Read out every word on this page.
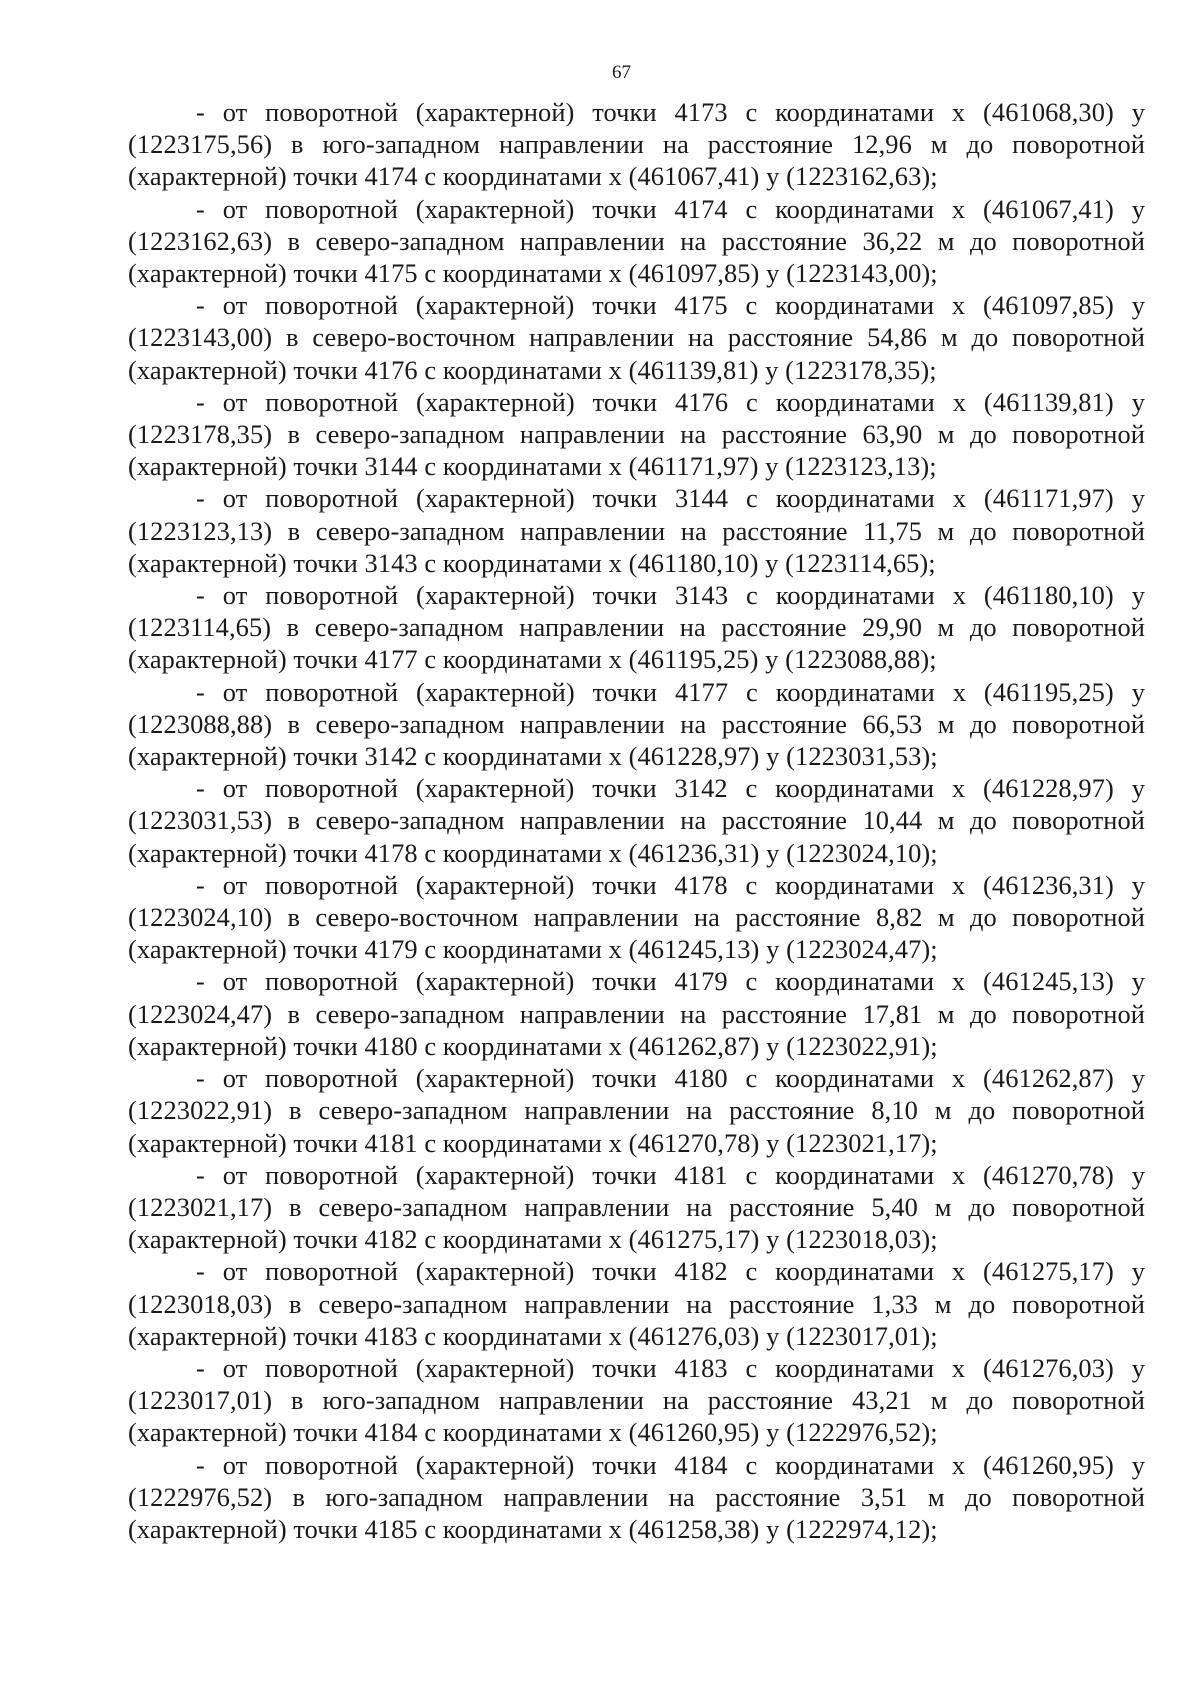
67

- от поворотной (характерной) точки 4173 с координатами x (461068,30) y (1223175,56) в юго-западном направлении на расстояние 12,96 м до поворотной (характерной) точки 4174 с координатами x (461067,41) y (1223162,63);

- от поворотной (характерной) точки 4174 с координатами x (461067,41) y (1223162,63) в северо-западном направлении на расстояние 36,22 м до поворотной (характерной) точки 4175 с координатами x (461097,85) y (1223143,00);

- от поворотной (характерной) точки 4175 с координатами x (461097,85) y (1223143,00) в северо-восточном направлении на расстояние 54,86 м до поворотной (характерной) точки 4176 с координатами x (461139,81) y (1223178,35);

- от поворотной (характерной) точки 4176 с координатами x (461139,81) y (1223178,35) в северо-западном направлении на расстояние 63,90 м до поворотной (характерной) точки 3144 с координатами x (461171,97) y (1223123,13);

- от поворотной (характерной) точки 3144 с координатами x (461171,97) y (1223123,13) в северо-западном направлении на расстояние 11,75 м до поворотной (характерной) точки 3143 с координатами x (461180,10) y (1223114,65);

- от поворотной (характерной) точки 3143 с координатами x (461180,10) y (1223114,65) в северо-западном направлении на расстояние 29,90 м до поворотной (характерной) точки 4177 с координатами x (461195,25) y (1223088,88);

- от поворотной (характерной) точки 4177 с координатами x (461195,25) y (1223088,88) в северо-западном направлении на расстояние 66,53 м до поворотной (характерной) точки 3142 с координатами x (461228,97) y (1223031,53);

- от поворотной (характерной) точки 3142 с координатами x (461228,97) y (1223031,53) в северо-западном направлении на расстояние 10,44 м до поворотной (характерной) точки 4178 с координатами x (461236,31) y (1223024,10);

- от поворотной (характерной) точки 4178 с координатами x (461236,31) y (1223024,10) в северо-восточном направлении на расстояние 8,82 м до поворотной (характерной) точки 4179 с координатами x (461245,13) y (1223024,47);

- от поворотной (характерной) точки 4179 с координатами x (461245,13) y (1223024,47) в северо-западном направлении на расстояние 17,81 м до поворотной (характерной) точки 4180 с координатами x (461262,87) y (1223022,91);

- от поворотной (характерной) точки 4180 с координатами x (461262,87) y (1223022,91) в северо-западном направлении на расстояние 8,10 м до поворотной (характерной) точки 4181 с координатами x (461270,78) y (1223021,17);

- от поворотной (характерной) точки 4181 с координатами x (461270,78) y (1223021,17) в северо-западном направлении на расстояние 5,40 м до поворотной (характерной) точки 4182 с координатами x (461275,17) y (1223018,03);

- от поворотной (характерной) точки 4182 с координатами x (461275,17) y (1223018,03) в северо-западном направлении на расстояние 1,33 м до поворотной (характерной) точки 4183 с координатами x (461276,03) y (1223017,01);

- от поворотной (характерной) точки 4183 с координатами x (461276,03) y (1223017,01) в юго-западном направлении на расстояние 43,21 м до поворотной (характерной) точки 4184 с координатами x (461260,95) y (1222976,52);

- от поворотной (характерной) точки 4184 с координатами x (461260,95) y (1222976,52) в юго-западном направлении на расстояние 3,51 м до поворотной (характерной) точки 4185 с координатами x (461258,38) y (1222974,12);
